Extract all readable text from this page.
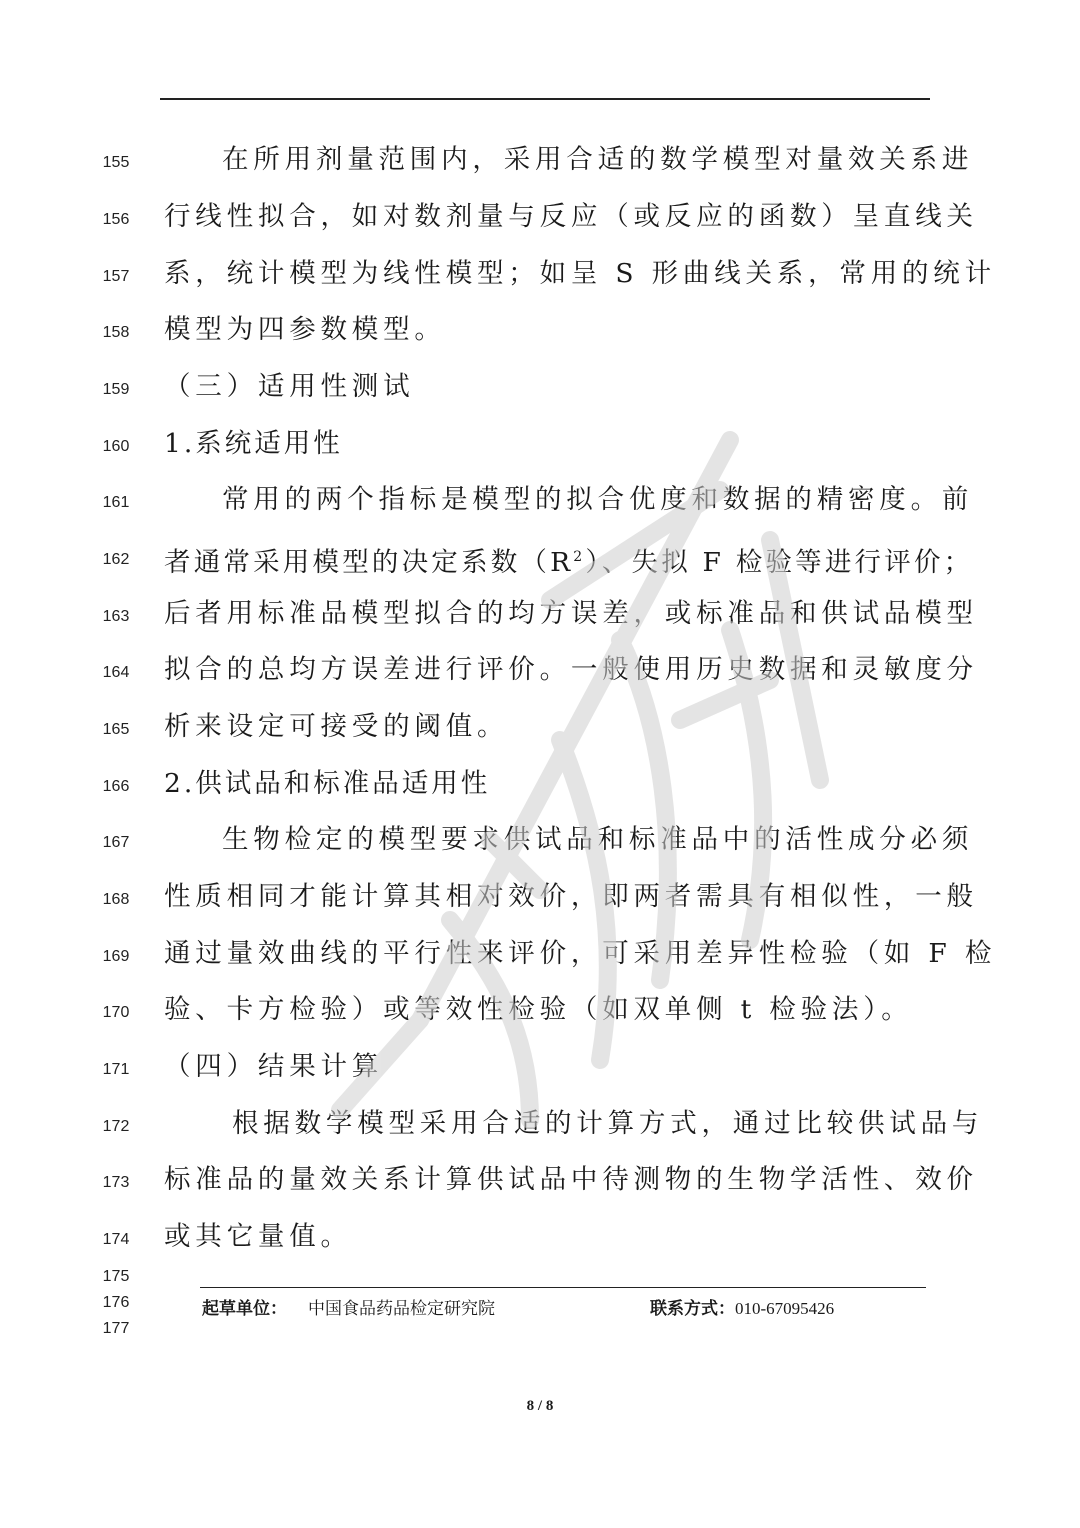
155	在所用剂量范围内，采用合适的数学模型对量效关系进
156 行线性拟合，如对数剂量与反应（或反应的函数）呈直线关
157 系，统计模型为线性模型；如呈 S 形曲线关系，常用的统计
158 模型为四参数模型。
159 （三）适用性测试
160 1.系统适用性
161	常用的两个指标是模型的拟合优度和数据的精密度。前
162 者通常采用模型的决定系数$(R^2)$、失拟 F 检验等进行评价；
163 后者用标准品模型拟合的均方误差，或标准品和供试品模型
164 拟合的总均方误差进行评价。一般使用历史数据和灵敏度分
165 析来设定可接受的阈值。
166 2.供试品和标准品适用性
167	生物检定的模型要求供试品和标准品中的活性成分必须
168 性质相同才能计算其相对效价，即两者需具有相似性，一般
169 通过量效曲线的平行性来评价，可采用差异性检验（如 F 检
170 验、卡方检验）或等效性检验（如双单侧 t 检验法）。
171 （四）结果计算
172	根据数学模型采用合适的计算方式，通过比较供试品与
173 标准品的量效关系计算供试品中待测物的生物学活性、效价
174 或其它量值。
175
176
177
起草单位： 中国食品药品检定研究院	联系方式：010-67095426
8 / 8
